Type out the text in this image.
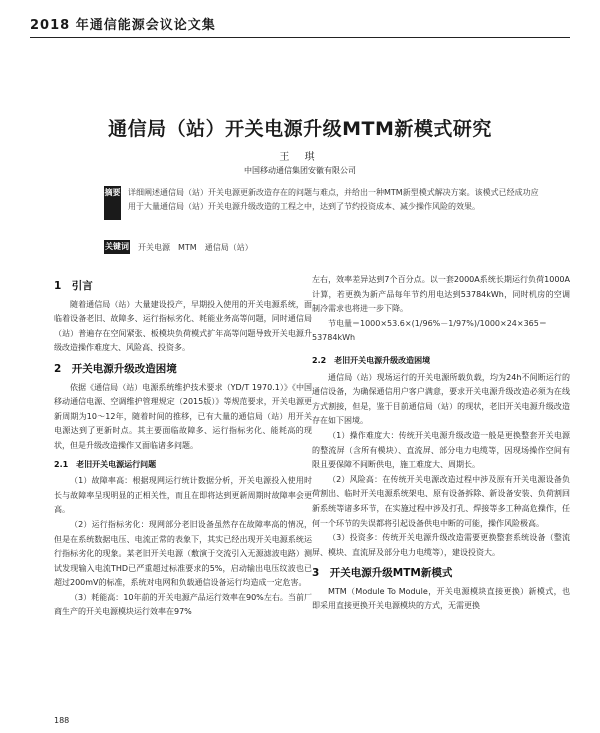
2018 年通信能源会议论文集
通信局（站）开关电源升级MTM新模式研究
王 琪
中国移动通信集团安徽有限公司
摘要 详细阐述通信局（站）开关电源更新改造存在的问题与难点，并给出一种MTM新型模式解决方案。该模式已经成功应用于大量通信局（站）开关电源升级改造的工程之中，达到了节约投资成本、减少操作风险的效果。
关键词 开关电源　MTM　通信局（站）
1　引言

随着通信局（站）大量建设投产，早期投入使用的开关电源系统，面临着设备老旧、故障多、运行指标劣化、耗能业务高等问题，同时通信局（站）普遍存在空间紧张、板模块负荷模式扩年高等问题导致开关电源升级改造操作难度大、风险高、投资多。

2　开关电源升级改造困境

依据《通信局（站）电源系统维护技术要求（YD/T 1970.1）》《中国移动通信电源、空调维护管理规定（2015版）》等规范要求，开关电源更新周期为10～12年，随着时间的推移，已有大量的通信局（站）用开关电源达到了更新时点。其主要面临故障多、运行指标劣化、能耗高的现状，但是升级改造操作又面临诸多问题。

2.1　老旧开关电源运行问题

（1）故障率高：根据现网运行统计数据分析，开关电源投入使用时长与故障率呈现明显的正相关性，而且在即将达到更新周期时故障率会更高。

（2）运行指标劣化：现网部分老旧设备虽然存在故障率高的情况，但是在系统数据电压、电流正常的表象下，其实已经出现开关电源系统运行指标劣化的现象。某老旧开关电源（敷演于交流引入无源滤波电路）测试发现输入电流THD已严重超过标准要求的5%，启动输出电压纹波也已超过200mV的标准，系统对电网和负载通信设备运行均造成一定危害。

（3）耗能高：10年前的开关电源产品运行效率在90%左右。当前厂商生产的开关电源模块运行效率在97%

左右，效率差异达到7个百分点。以一套2000A系统长期运行负荷1000A计算，若更换为新产品每年节约用电达到53784kWh，同时机房的空调制冷需求也将进一步下降。

节电量＝1000×53.6×(1/96%－1/97%)/1000×24×365＝53784kWh

2.2　老旧开关电源升级改造困境

通信局（站）现场运行的开关电源所载负载，均为24h不间断运行的通信设备，为确保通信用户客户满意，要求开关电源升级改造必须为在线方式割接，但是，鉴于目前通信局（站）的现状，老旧开关电源升级改造存在如下困境。

（1）操作难度大：传统开关电源升级改造一般是更换整套开关电源的整流屏（含所有模块）、直流屏、部分电力电缆等，因现场操作空间有限且要保障不间断供电，施工难度大、周期长。

（2）风险高：在传统开关电源改造过程中涉及原有开关电源设备负荷割出、临时开关电源系统架电、原有设备拆除、新设备安装、负荷割回新系统等诸多环节，在实施过程中涉及打孔、焊接等多工种高危操作，任何一个环节的失误都将引起设备供电中断的可能，操作风险极高。

（3）投资多：传统开关电源升级改造需要更换整套系统设备（整流屏、模块、直流屏及部分电力电缆等），建设投资大。

3　开关电源升级MTM新模式

MTM（Module To Module，开关电源模块直接更换）新模式，也即采用直接更换开关电源模块的方式，无需更换

188
